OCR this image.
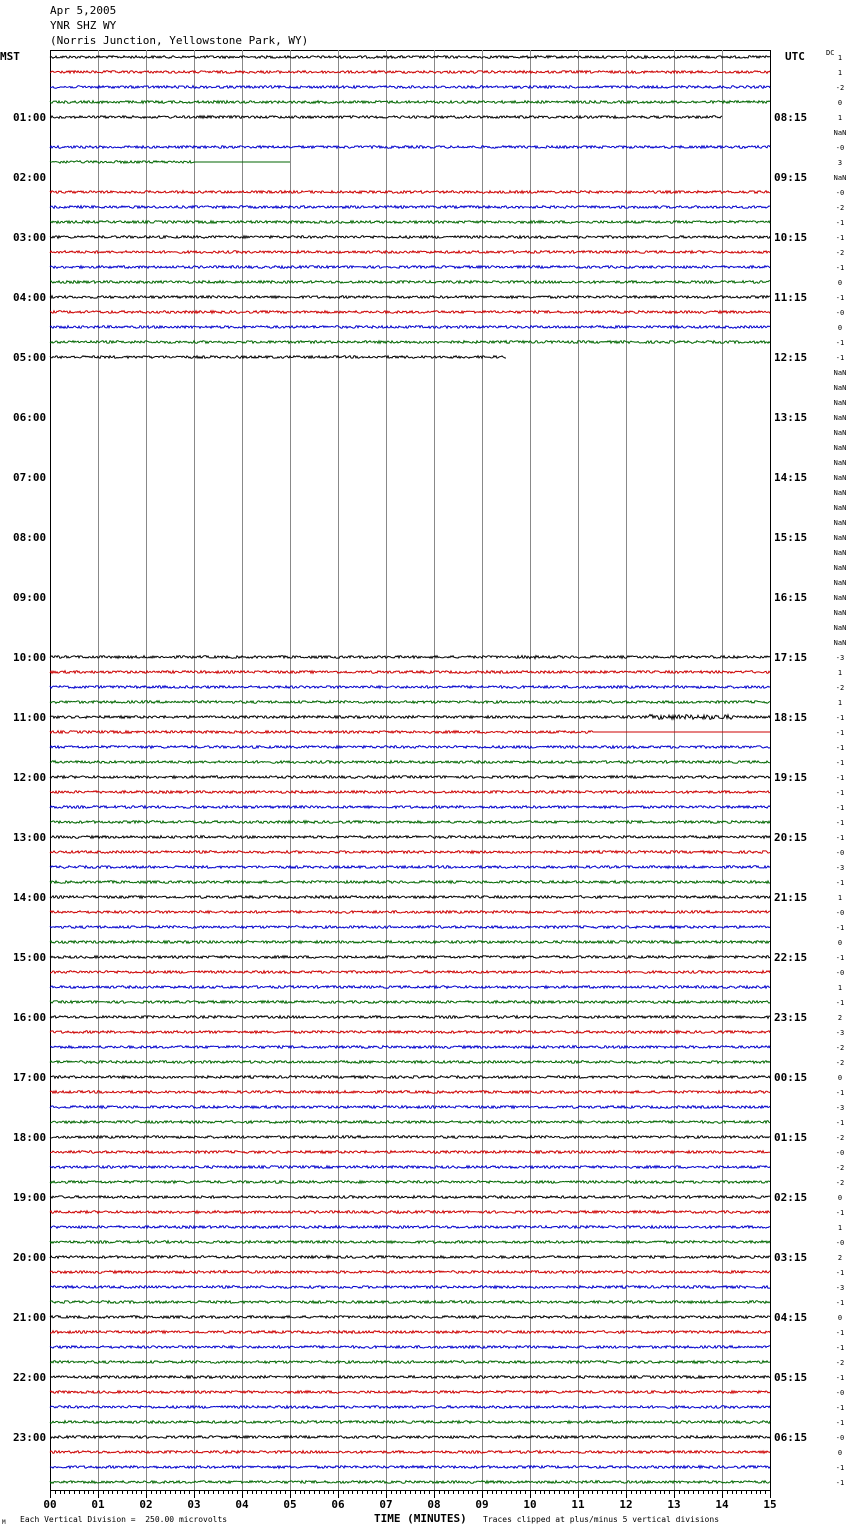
Apr 5,2005
YNR SHZ WY
(Norris Junction, Yellowstone Park, WY)
MST	UTC	DC
1
1
-2
0
1
NaN
-0
3
NaN
-0
-2
-1
-1
-2
-1
0
-1
-0
0
-1
-1
NaN
NaN
NaN
NaN
NaN
NaN
NaN
NaN
NaN
NaN
NaN
NaN
NaN
NaN
NaN
NaN
NaN
NaN
NaN
-3
1
-2
1
-1
-1
-1
-1
-1
-1
-1
-1
-1
-0
-3
-1
1
-0
-1
0
-1
-0
1
-1
2
-3
-2
-2
0
-1
-3
-1
-2
-0
-2
-2
0
-1
1
-0
2
-1
-3
-1
0
-1
-1
-2
-1
-0
-1
-1
-0
0
-1
-1
01:00
02:00
03:00
04:00
05:00
06:00
07:00
08:00
09:00
10:00
11:00
12:00
13:00
14:00
15:00
16:00
17:00
18:00
19:00
20:00
21:00
22:00
23:00
08:15
09:15
10:15
11:15
12:15
13:15
14:15
15:15
16:15
17:15
18:15
19:15
20:15
21:15
22:15
23:15
00:15
01:15
02:15
03:15
04:15
05:15
06:15
00	01	02	03	04	05	06	07	08	09	10	11	12	13	14	15
Each Vertical Division =  250.00 microvolts	TIME (MINUTES) Traces clipped at plus/minus 5 vertical divisions
M
